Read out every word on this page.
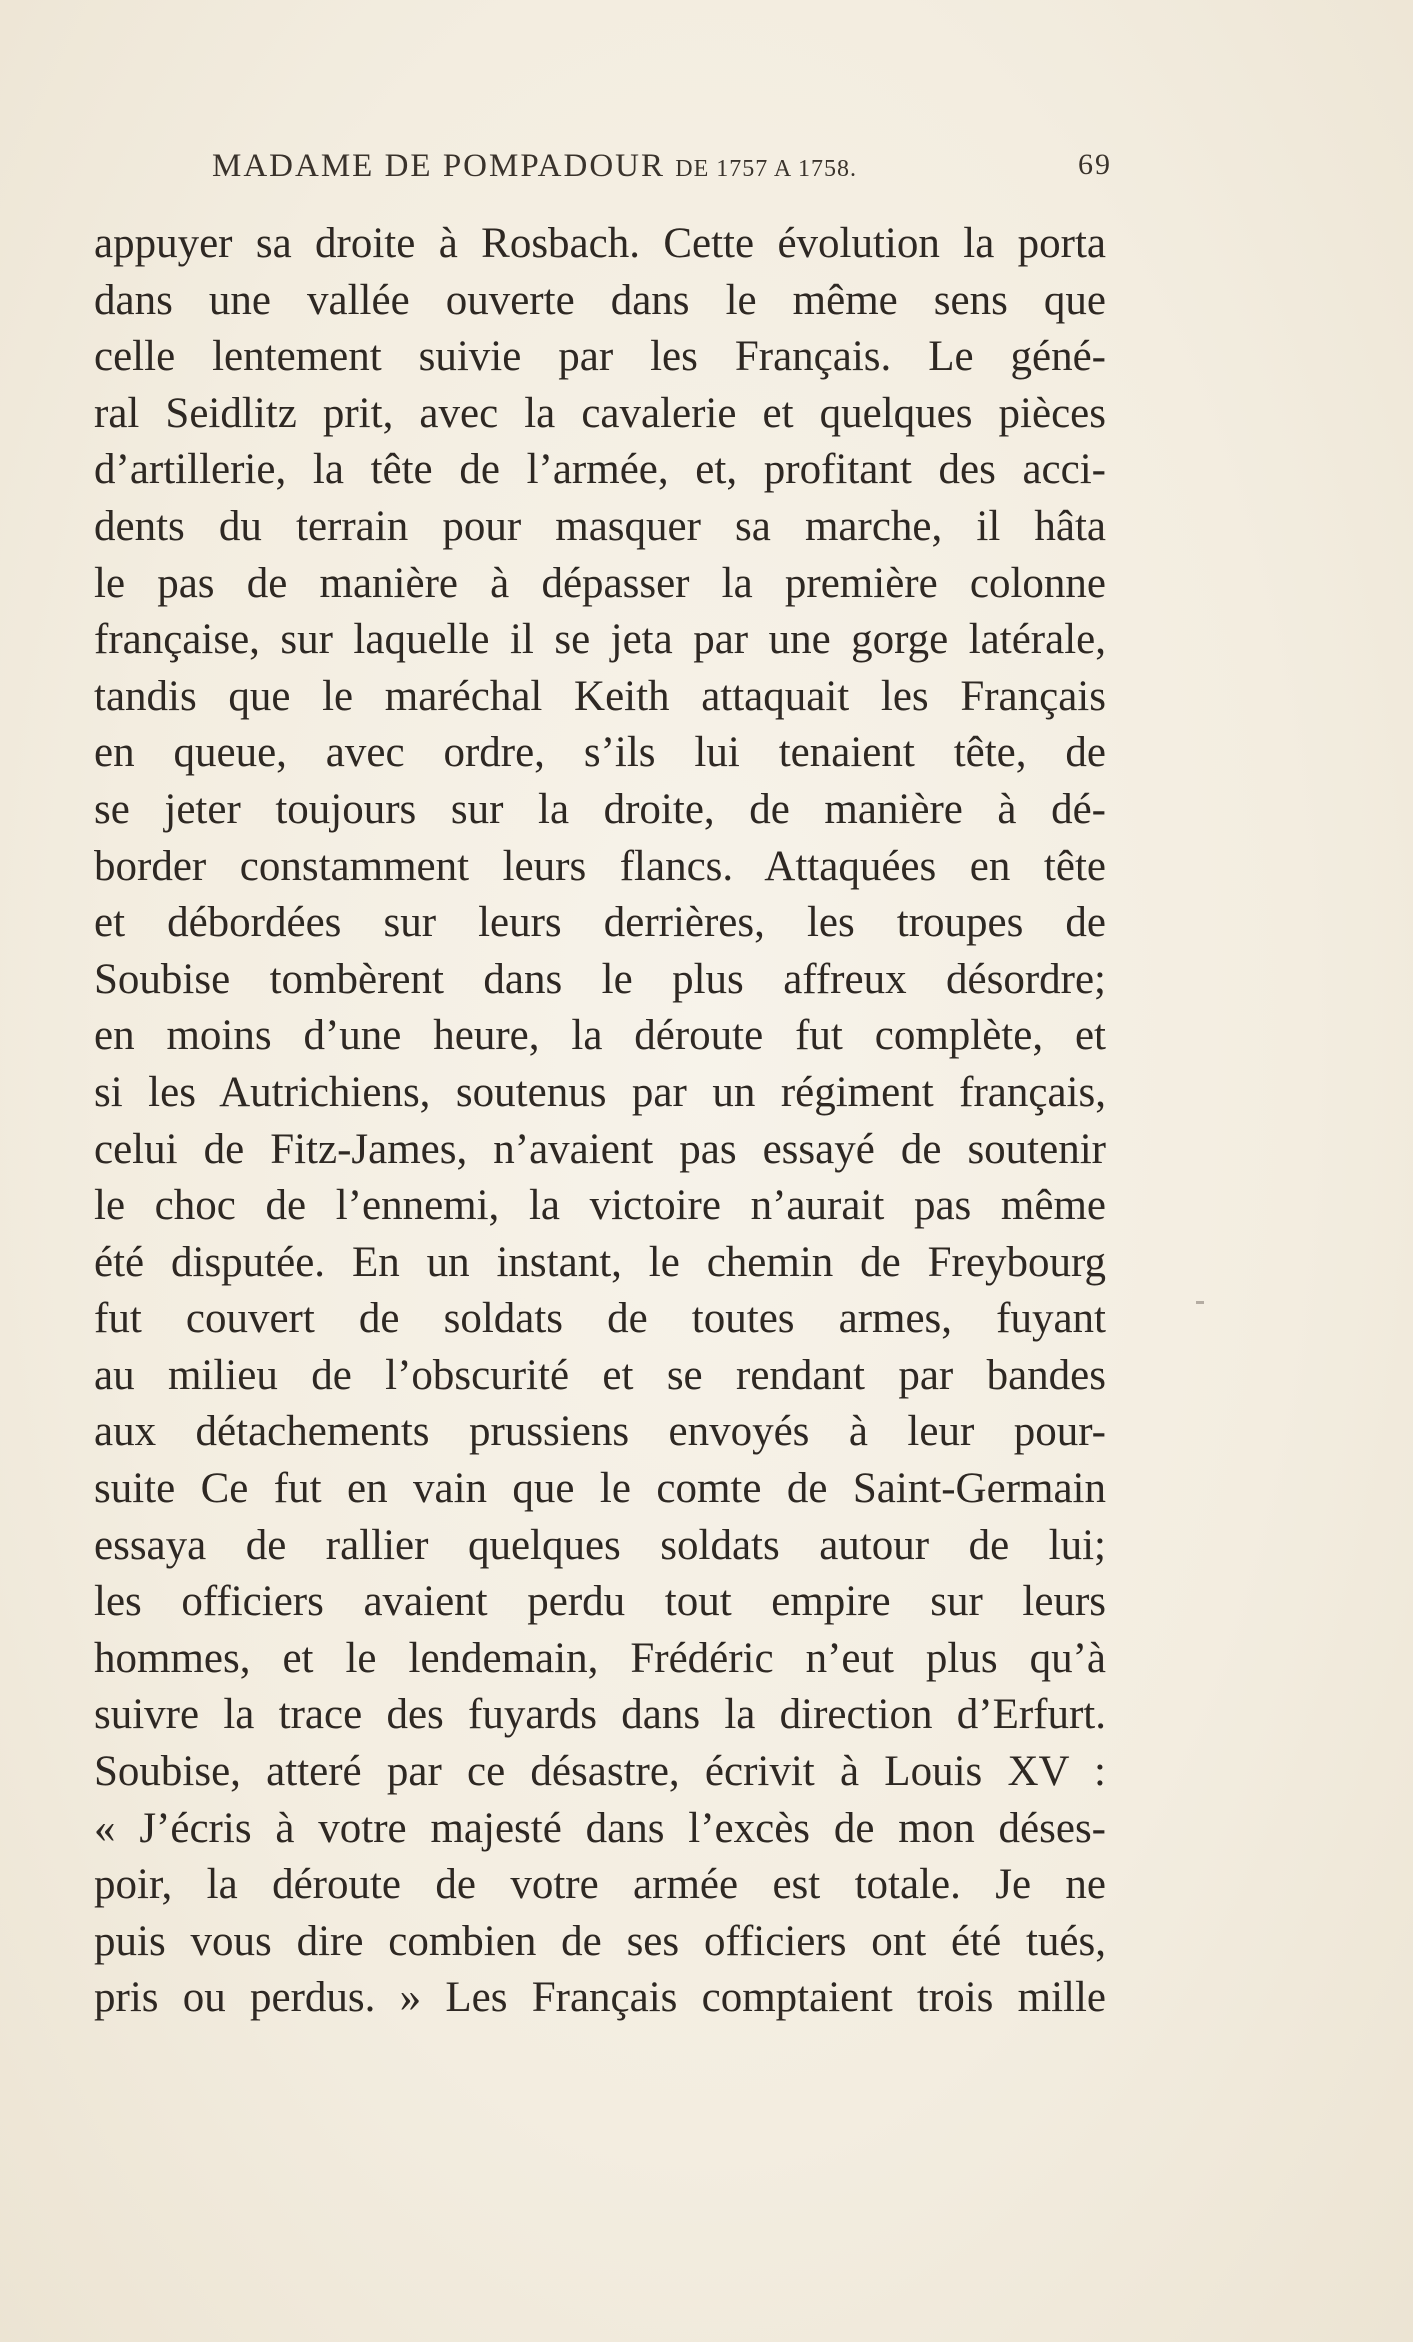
MADAME DE POMPADOUR DE 1757 A 1758.	69
appuyer sa droite à Rosbach. Cette évolution la porta
dans une vallée ouverte dans le même sens que
celle lentement suivie par les Français. Le géné-
ral Seidlitz prit, avec la cavalerie et quelques pièces
d’artillerie, la tête de l’armée, et, profitant des acci-
dents du terrain pour masquer sa marche, il hâta
le pas de manière à dépasser la première colonne
française, sur laquelle il se jeta par une gorge latérale,
tandis que le maréchal Keith attaquait les Français
en queue, avec ordre, s’ils lui tenaient tête, de
se jeter toujours sur la droite, de manière à dé-
border constamment leurs flancs. Attaquées en tête
et débordées sur leurs derrières, les troupes de
Soubise tombèrent dans le plus affreux désordre;
en moins d’une heure, la déroute fut complète, et
si les Autrichiens, soutenus par un régiment français,
celui de Fitz-James, n’avaient pas essayé de soutenir
le choc de l’ennemi, la victoire n’aurait pas même
été disputée. En un instant, le chemin de Freybourg
fut couvert de soldats de toutes armes, fuyant
au milieu de l’obscurité et se rendant par bandes
aux détachements prussiens envoyés à leur pour-
suite Ce fut en vain que le comte de Saint-Germain
essaya de rallier quelques soldats autour de lui;
les officiers avaient perdu tout empire sur leurs
hommes, et le lendemain, Frédéric n’eut plus qu’à
suivre la trace des fuyards dans la direction d’Erfurt.
Soubise, atteré par ce désastre, écrivit à Louis XV :
« J’écris à votre majesté dans l’excès de mon déses-
poir, la déroute de votre armée est totale. Je ne
puis vous dire combien de ses officiers ont été tués,
pris ou perdus. » Les Français comptaient trois mille
